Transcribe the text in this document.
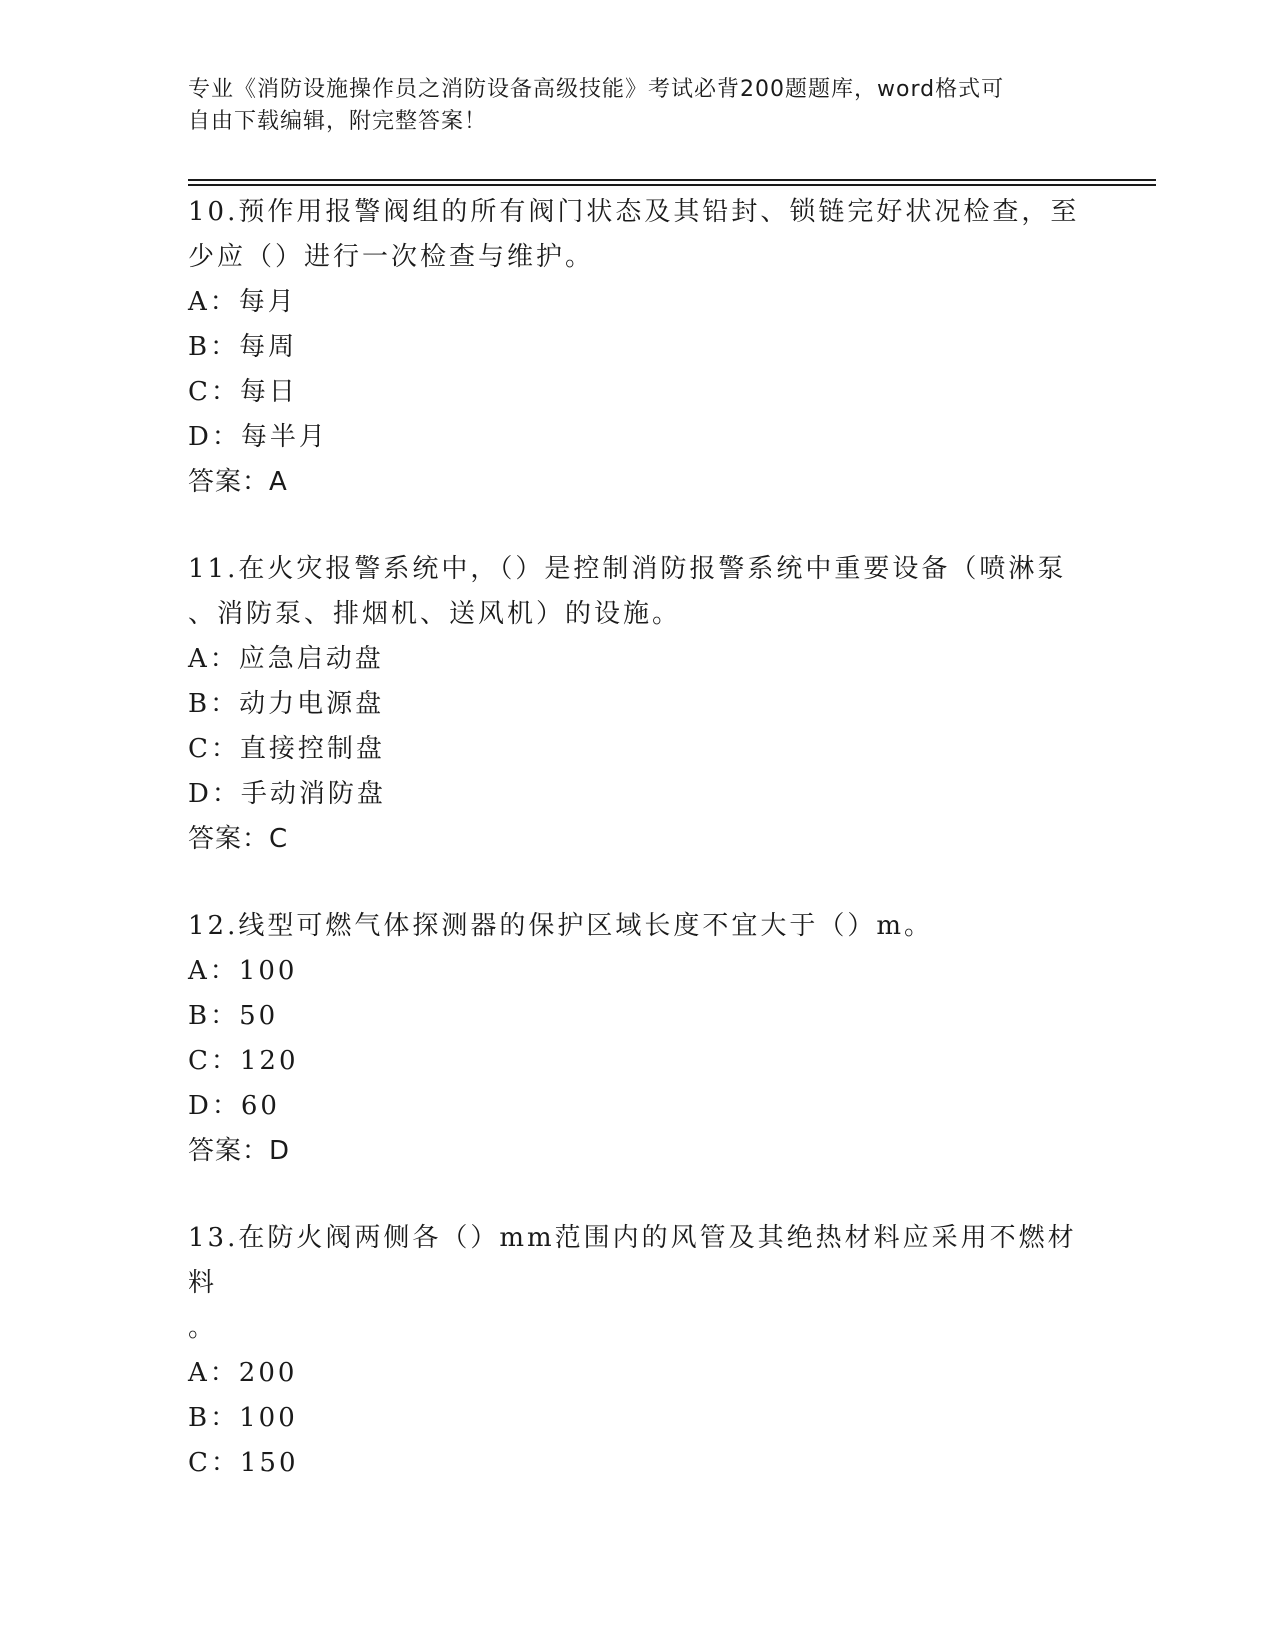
专业《消防设施操作员之消防设备高级技能》考试必背200题题库，word格式可
自由下载编辑，附完整答案！
10.预作用报警阀组的所有阀门状态及其铅封、锁链完好状况检查，至
少应（）进行一次检查与维护。
A：每月
B：每周
C：每日
D：每半月
答案：A
11.在火灾报警系统中，（）是控制消防报警系统中重要设备（喷淋泵
、消防泵、排烟机、送风机）的设施。
A：应急启动盘
B：动力电源盘
C：直接控制盘
D：手动消防盘
答案：C
12.线型可燃气体探测器的保护区域长度不宜大于（）m。
A：100
B：50
C：120
D：60
答案：D
13.在防火阀两侧各（）mm范围内的风管及其绝热材料应采用不燃材料
。
A：200
B：100
C：150
